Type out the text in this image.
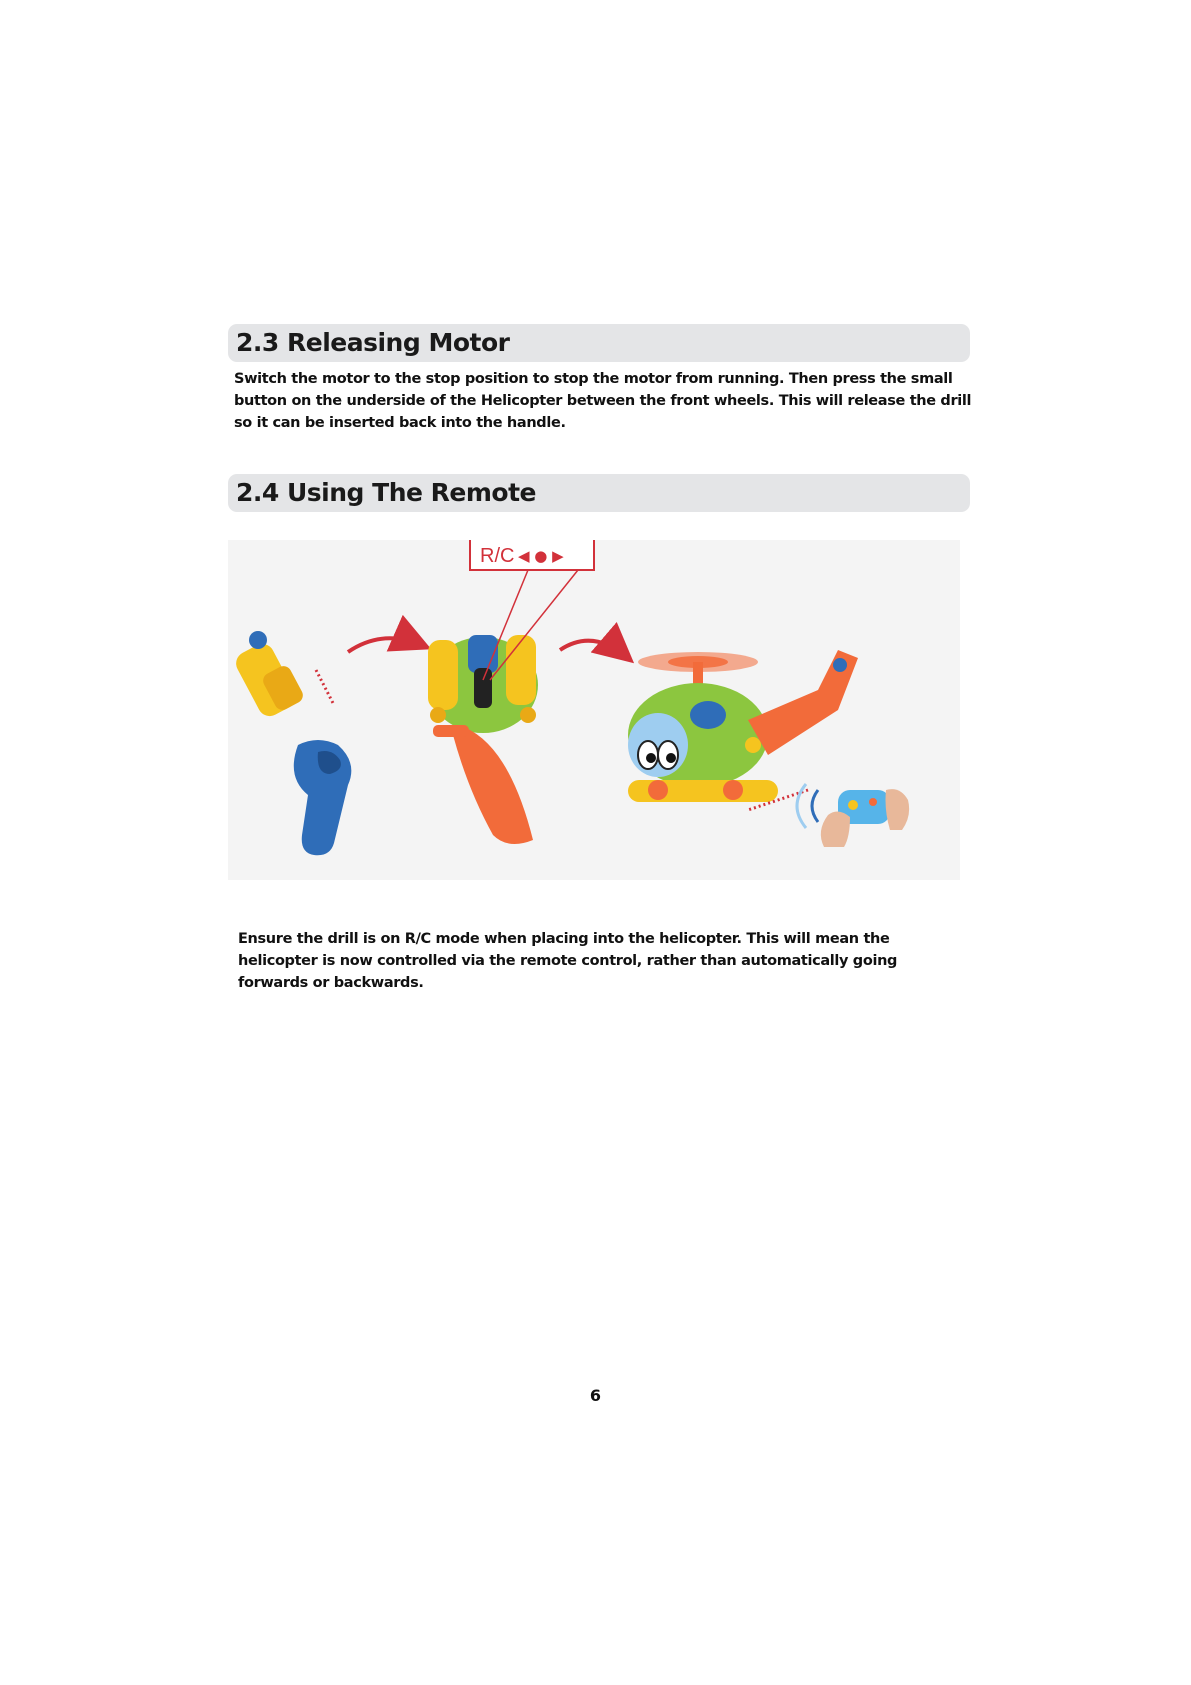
2.3 Releasing Motor

Switch the motor to the stop position to stop the motor from running. Then press the small button on the underside of the Helicopter between the front wheels. This will release the drill so it can be inserted back into the handle.

2.4 Using The Remote
R/C ◀ ● ▶

Ensure the drill is on R/C mode when placing into the helicopter. This will mean the helicopter is now controlled via the remote control, rather than automatically going forwards or backwards.

6
